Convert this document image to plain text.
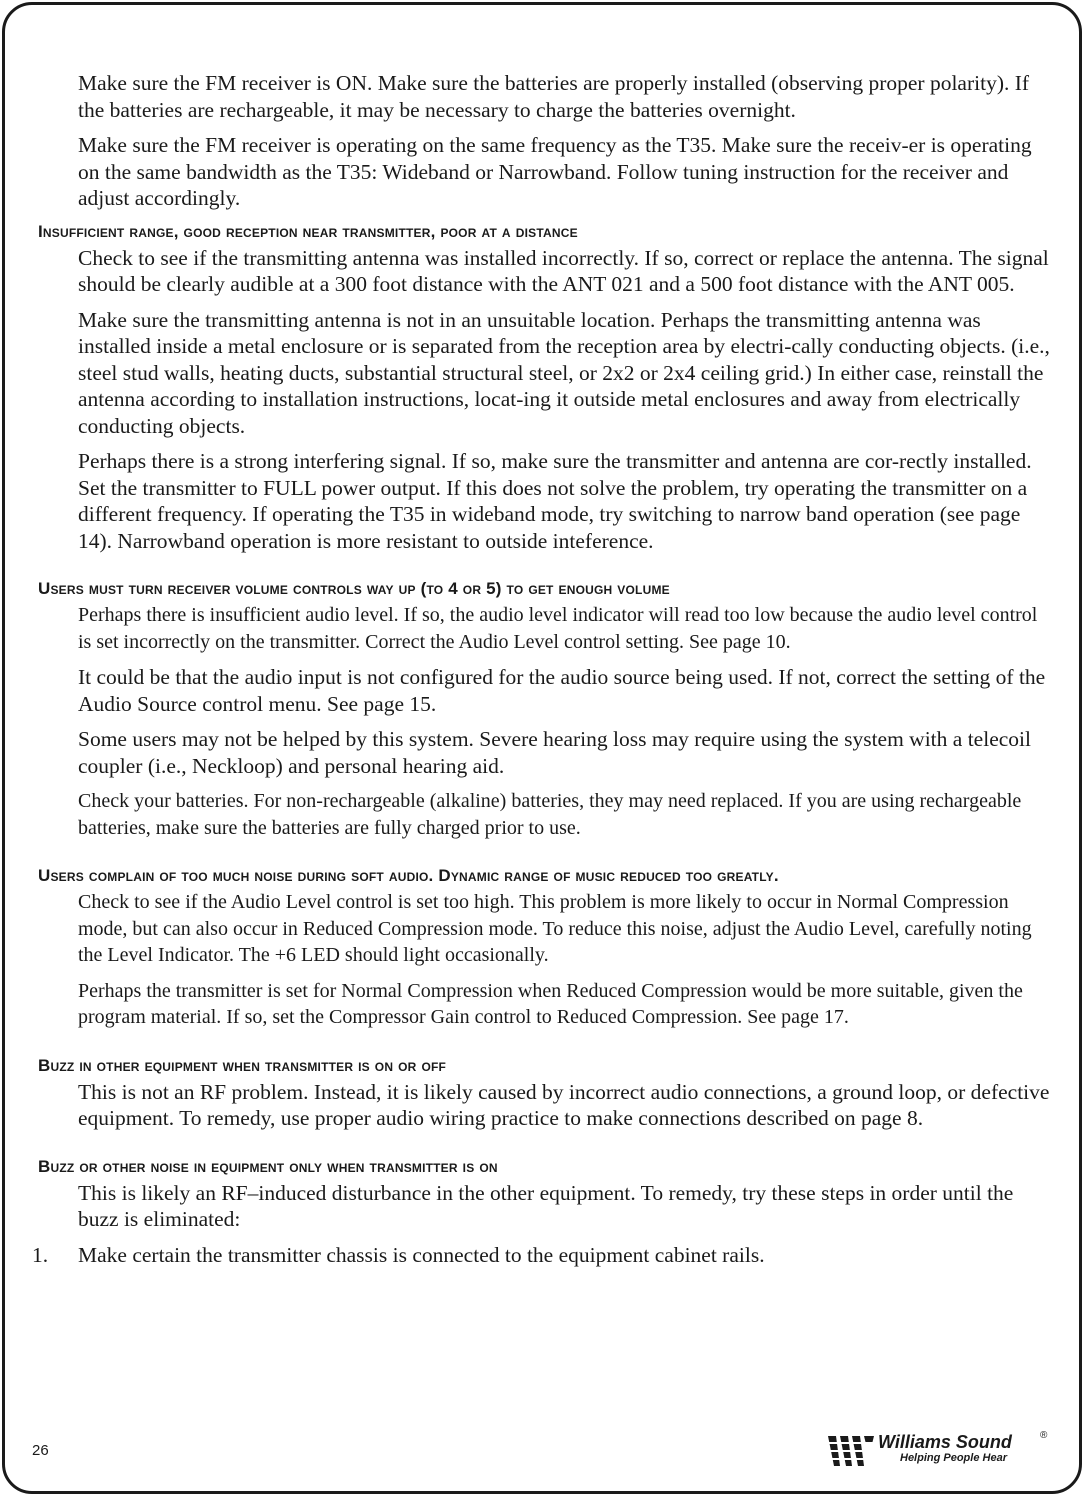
Make sure the FM receiver is ON. Make sure the batteries are properly installed (observing proper polarity). If the batteries are rechargeable, it may be necessary to charge the batteries overnight.

Make sure the FM receiver is operating on the same frequency as the T35. Make sure the receiv-er is operating on the same bandwidth as the T35: Wideband or Narrowband. Follow tuning instruction for the receiver and adjust accordingly.

Insufficient range, good reception near transmitter, poor at a distance

Check to see if the transmitting antenna was installed incorrectly. If so, correct or replace the antenna. The signal should be clearly audible at a 300 foot distance with the ANT 021 and a 500 foot distance with the ANT 005.

Make sure the transmitting antenna is not in an unsuitable location. Perhaps the transmitting antenna was installed inside a metal enclosure or is separated from the reception area by electri-cally conducting objects. (i.e., steel stud walls, heating ducts, substantial structural steel, or 2x2 or 2x4 ceiling grid.) In either case, reinstall the antenna according to installation instructions, locat-ing it outside metal enclosures and away from electrically conducting objects.

Perhaps there is a strong interfering signal. If so, make sure the transmitter and antenna are cor-rectly installed. Set the transmitter to FULL power output. If this does not solve the problem, try operating the transmitter on a different frequency. If operating the T35 in wideband mode, try switching to narrow band operation (see page 14). Narrowband operation is more resistant to outside inteference.

Users must turn receiver volume controls way up (to 4 or 5) to get enough volume

Perhaps there is insufficient audio level. If so, the audio level indicator will read too low because the audio level control is set incorrectly on the transmitter. Correct the Audio Level control setting. See page 10.

It could be that the audio input is not configured for the audio source being used. If not, correct the setting of the Audio Source control menu. See page 15.

Some users may not be helped by this system. Severe hearing loss may require using the system with a telecoil coupler (i.e., Neckloop) and personal hearing aid.

Check your batteries. For non-rechargeable (alkaline) batteries, they may need replaced. If you are using rechargeable batteries, make sure the batteries are fully charged prior to use.

Users complain of too much noise during soft audio. Dynamic range of music reduced too greatly.

Check to see if the Audio Level control is set too high. This problem is more likely to occur in Normal Compression mode, but can also occur in Reduced Compression mode. To reduce this noise, adjust the Audio Level, carefully noting the Level Indicator. The +6 LED should light occasionally.

Perhaps the transmitter is set for Normal Compression when Reduced Compression would be more suitable, given the program material. If so, set the Compressor Gain control to Reduced Compression. See page 17.

Buzz in other equipment when transmitter is on or off

This is not an RF problem. Instead, it is likely caused by incorrect audio connections, a ground loop, or defective equipment. To remedy, use proper audio wiring practice to make connections described on page 8.

Buzz or other noise in equipment only when transmitter is on

This is likely an RF–induced disturbance in the other equipment. To remedy, try these steps in order until the buzz is eliminated:

1.	Make certain the transmitter chassis is connected to the equipment cabinet rails.
26	Williams Sound	®
Helping People Hear
